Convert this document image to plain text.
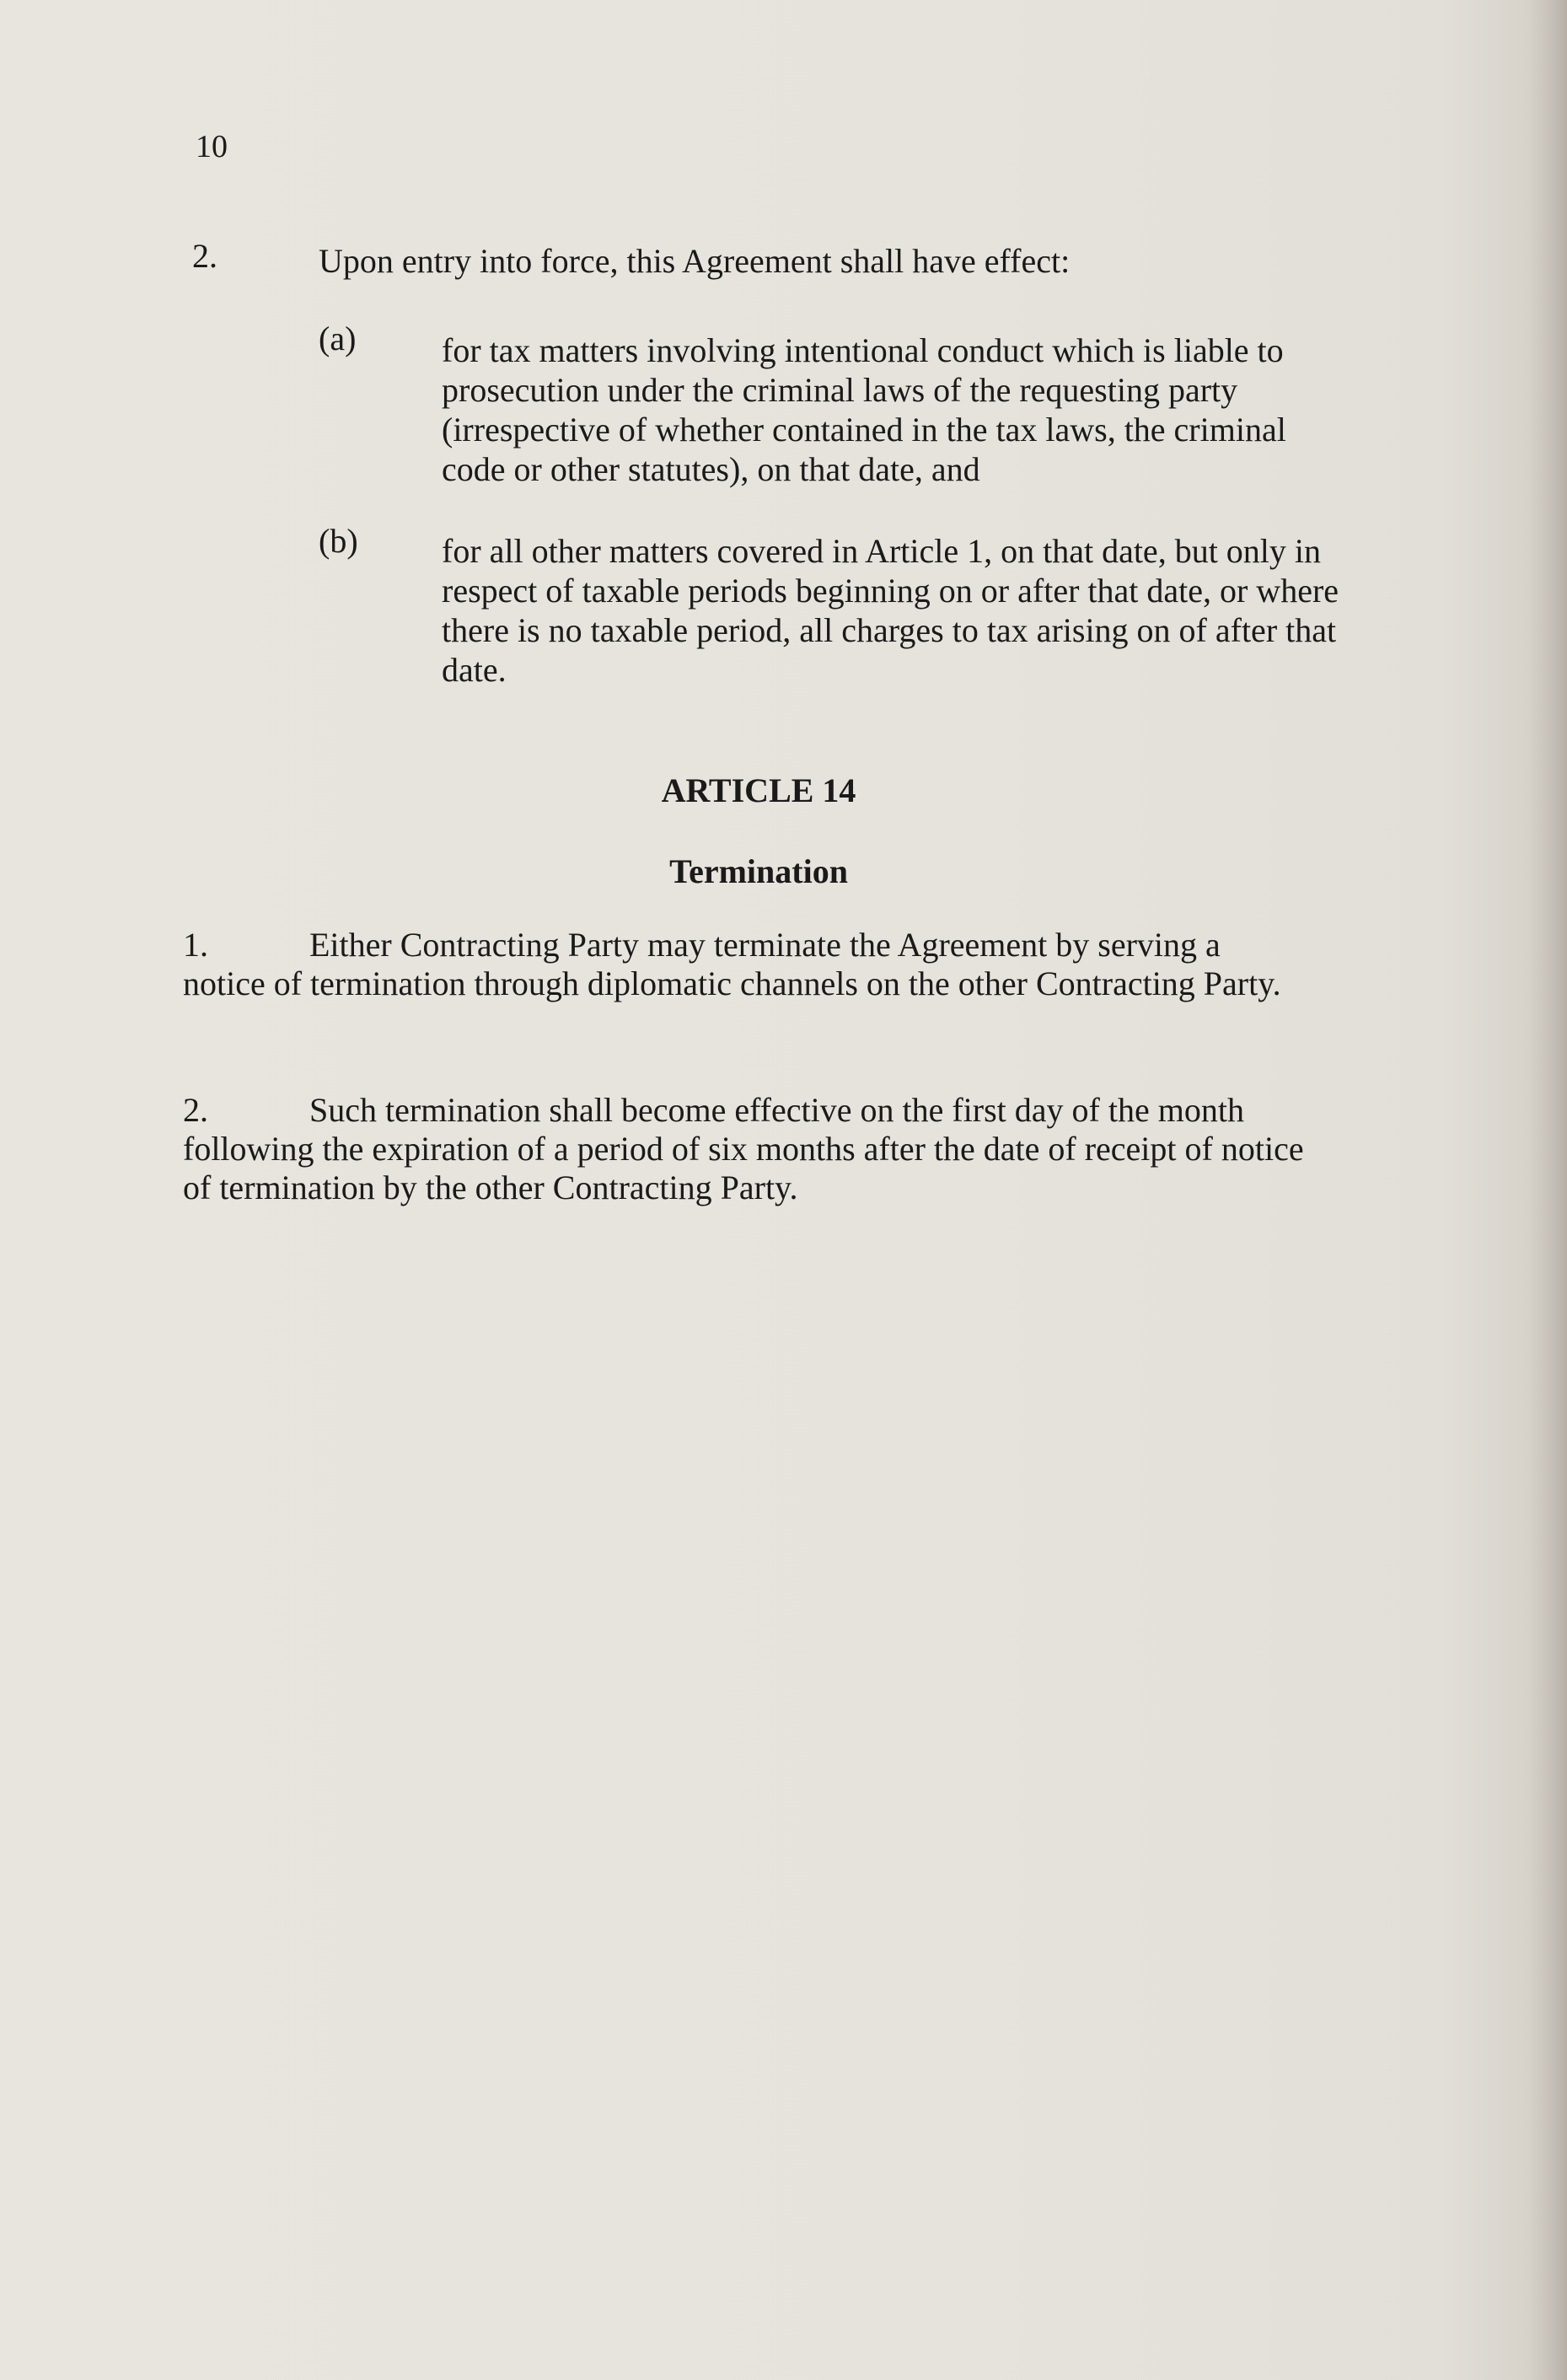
10
2.	Upon entry into force, this Agreement shall have effect:
(a)	for tax matters involving intentional conduct which is liable to prosecution under the criminal laws of the requesting party (irrespective of whether contained in the tax laws, the criminal code or other statutes), on that date, and
(b) for all other matters covered in Article 1, on that date, but only in respect of taxable periods beginning on or after that date, or where there is no taxable period, all charges to tax arising on of after that date.
ARTICLE 14
Termination
1.	Either Contracting Party may terminate the Agreement by serving a notice of termination through diplomatic channels on the other Contracting Party.
2.	Such termination shall become effective on the first day of the month following the expiration of a period of six months after the date of receipt of notice of termination by the other Contracting Party.
